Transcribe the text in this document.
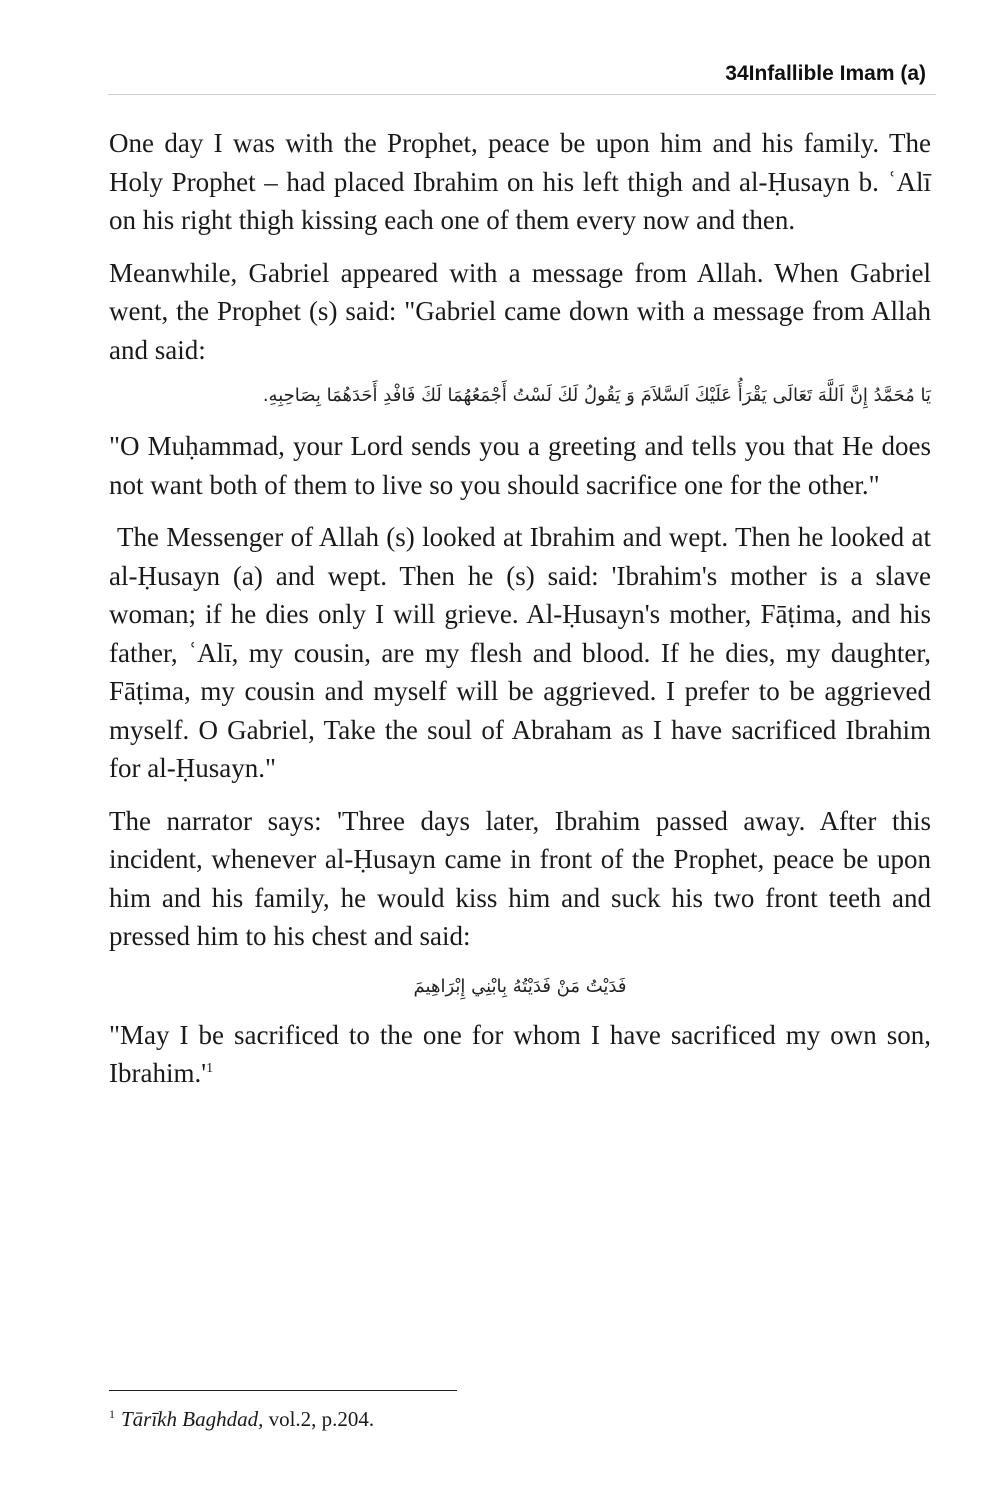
34Infallible Imam (a)

One day I was with the Prophet, peace be upon him and his family. The Holy Prophet – had placed Ibrahim on his left thigh and al-Ḥusayn b. ʿAlī on his right thigh kissing each one of them every now and then.

Meanwhile, Gabriel appeared with a message from Allah. When Gabriel went, the Prophet (s) said: "Gabriel came down with a message from Allah and said:

يَا مُحَمَّدُ إِنَّ اَللَّهَ تَعَالَى يَقْرَأُ عَلَيْكَ اَلسَّلاَمَ وَ يَقُولُ لَكَ لَسْتُ أَجْمَعُهُمَا لَكَ فَافْدِ أَحَدَهُمَا بِصَاحِبِهِ.

"O Muḥammad, your Lord sends you a greeting and tells you that He does not want both of them to live so you should sacrifice one for the other."

The Messenger of Allah (s) looked at Ibrahim and wept. Then he looked at al-Ḥusayn (a) and wept. Then he (s) said: 'Ibrahim's mother is a slave woman; if he dies only I will grieve. Al-Ḥusayn's mother, Fāṭima, and his father, ʿAlī, my cousin, are my flesh and blood. If he dies, my daughter, Fāṭima, my cousin and myself will be aggrieved. I prefer to be aggrieved myself. O Gabriel, Take the soul of Abraham as I have sacrificed Ibrahim for al-Ḥusayn."

The narrator says: 'Three days later, Ibrahim passed away. After this incident, whenever al-Ḥusayn came in front of the Prophet, peace be upon him and his family, he would kiss him and suck his two front teeth and pressed him to his chest and said:

فَدَيْتُ مَنْ فَدَيْتُهُ بِابْنِي إِبْرَاهِيمَ

"May I be sacrificed to the one for whom I have sacrificed my own son, Ibrahim.'$^1$

$^1$ Tārīkh Baghdad, vol.2, p.204.
